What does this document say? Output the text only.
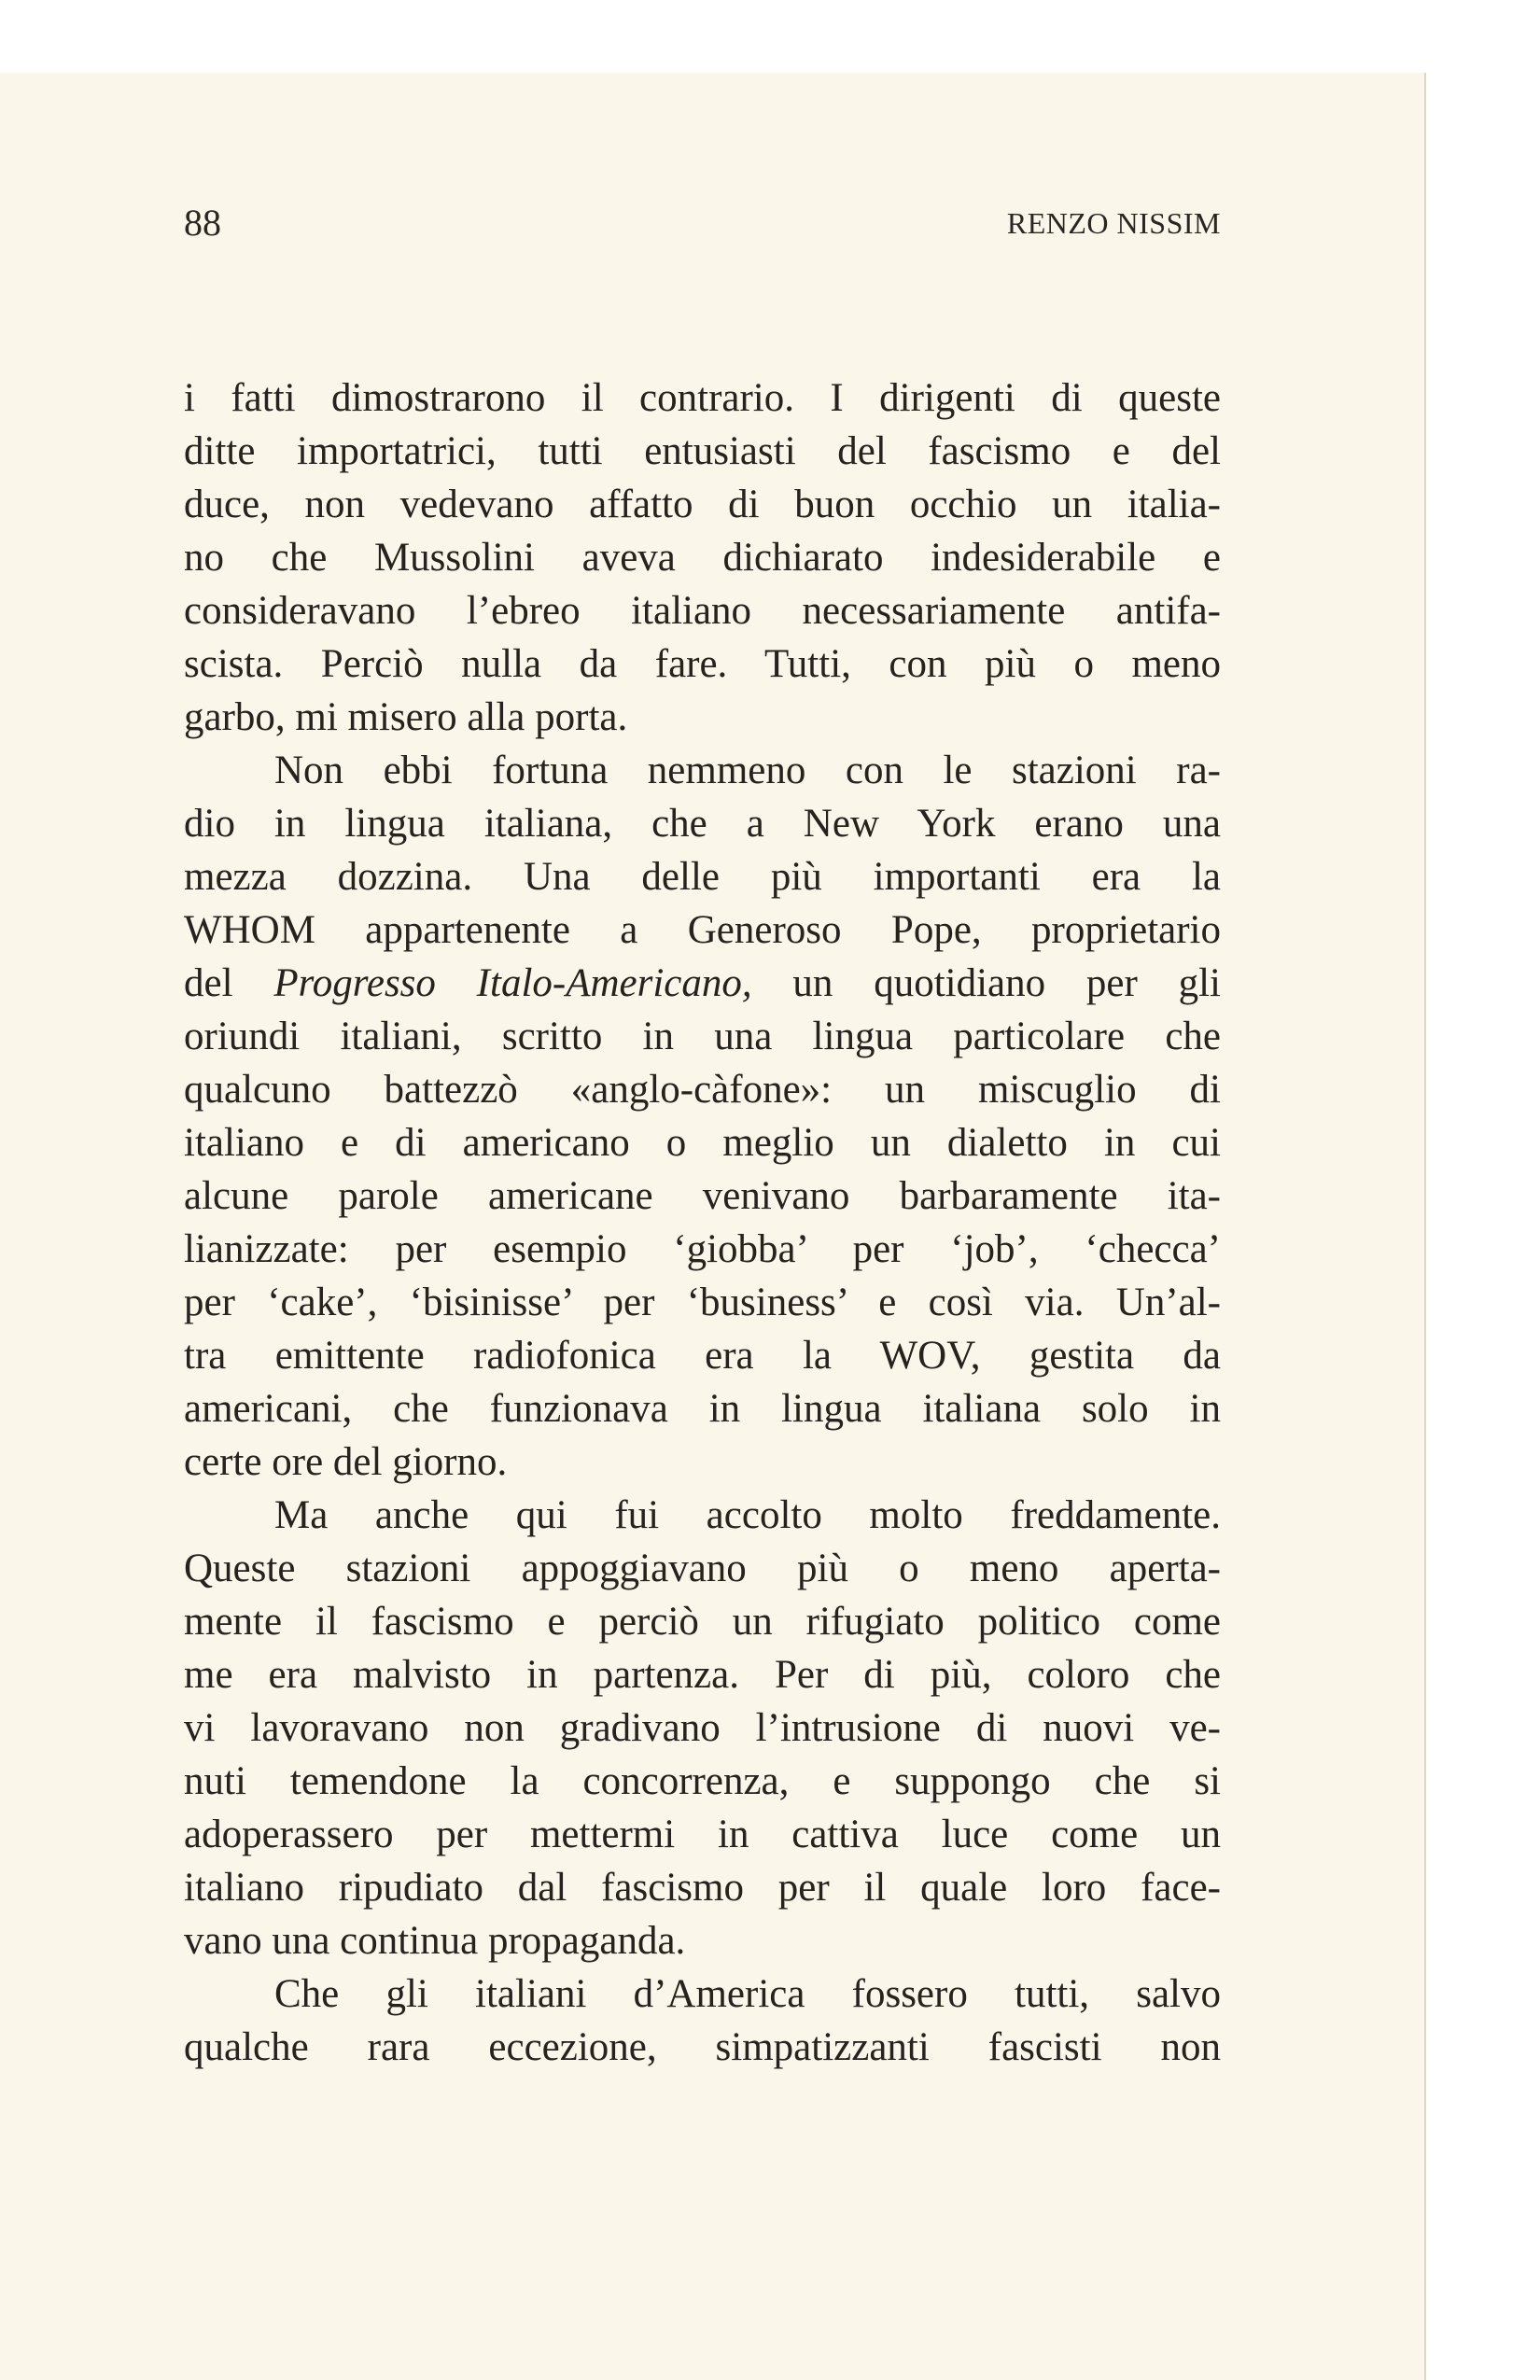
88	RENZO NISSIM
i fatti dimostrarono il contrario. I dirigenti di queste
ditte importatrici, tutti entusiasti del fascismo e del
duce, non vedevano affatto di buon occhio un italia-
no che Mussolini aveva dichiarato indesiderabile e
consideravano l’ebreo italiano necessariamente antifa-
scista. Perciò nulla da fare. Tutti, con più o meno
garbo, mi misero alla porta.
Non ebbi fortuna nemmeno con le stazioni ra-
dio in lingua italiana, che a New York erano una
mezza dozzina. Una delle più importanti era la
WHOM appartenente a Generoso Pope, proprietario
del Progresso Italo-Americano, un quotidiano per gli
oriundi italiani, scritto in una lingua particolare che
qualcuno battezzò «anglo-càfone»: un miscuglio di
italiano e di americano o meglio un dialetto in cui
alcune parole americane venivano barbaramente ita-
lianizzate: per esempio ‘giobba’ per ‘job’, ‘checca’
per ‘cake’, ‘bisinisse’ per ‘business’ e così via. Un’al-
tra emittente radiofonica era la WOV, gestita da
americani, che funzionava in lingua italiana solo in
certe ore del giorno.
Ma anche qui fui accolto molto freddamente.
Queste stazioni appoggiavano più o meno aperta-
mente il fascismo e perciò un rifugiato politico come
me era malvisto in partenza. Per di più, coloro che
vi lavoravano non gradivano l’intrusione di nuovi ve-
nuti temendone la concorrenza, e suppongo che si
adoperassero per mettermi in cattiva luce come un
italiano ripudiato dal fascismo per il quale loro face-
vano una continua propaganda.
Che gli italiani d’America fossero tutti, salvo
qualche rara eccezione, simpatizzanti fascisti non
